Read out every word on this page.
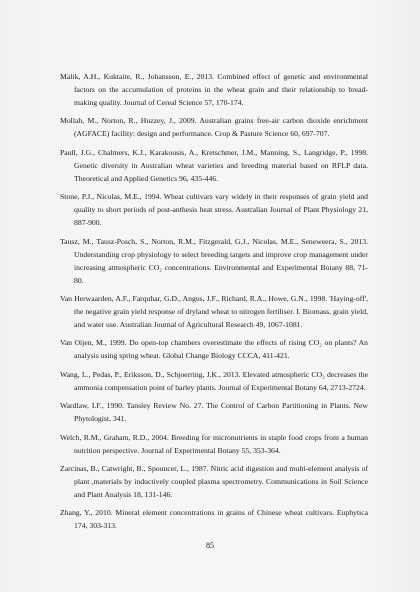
Malik, A.H., Kuktaite, R., Johansson, E., 2013. Combined effect of genetic and environmental factors on the accumulation of proteins in the wheat grain and their relationship to bread-making quality. Journal of Cereal Science 57, 170-174.

Mollah, M., Norton, R., Huzzey, J., 2009. Australian grains free-air carbon dioxide enrichment (AGFACE) facility: design and performance. Crop & Pasture Science 60, 697-707.

Paull, J.G., Chalmers, K.J., Karakousis, A., Kretschmer, J.M., Manning, S., Langridge, P., 1998. Genetic diversity in Australian wheat varieties and breeding material based on RFLP data. Theoretical and Applied Genetics 96, 435-446.

Stone, P.J., Nicolas, M.E., 1994. Wheat cultivars vary widely in their responses of grain yield and quality to short periods of post-anthesis heat stress. Australian Journal of Plant Physiology 21, 887-900.

Tausz, M., Tausz-Posch, S., Norton, R.M., Fitzgerald, G.J., Nicolas, M.E., Seneweera, S., 2013. Understanding crop physiology to select breeding targets and improve crop management under increasing atmospheric CO₂ concentrations. Environmental and Experimental Botany 88, 71-80.

Van Herwaarden, A.F., Farquhar, G.D., Angus, J.F., Richard, R.A., Howe, G.N., 1998. 'Haying-off', the negative grain yield response of dryland wheat to nitrogen fertiliser. I. Biomass, grain yield, and water use. Australian Journal of Agricultural Research 49, 1067-1081.

Van Oijen, M., 1999. Do open-top chambers overestimate the effects of rising CO₂ on plants? An analysis using spring wheat. Global Change Biology CCCA, 411-421.

Wang, L., Pedas, P., Eriksson, D., Schjoerring, J.K., 2013. Elevated atmospheric CO₂ decreases the ammonia compensation point of barley plants. Journal of Experimental Botany 64, 2713-2724.

Wardlaw, I.F., 1990. Tansley Review No. 27. The Control of Carbon Partitioning in Plants. New Phytologist, 341.

Welch, R.M., Graham, R.D., 2004. Breeding for micronutrients in staple food crops from a human nutrition perspective. Journal of Experimental Botany 55, 353-364.

Zarcinas, B., Catwright, B., Spouncer, L., 1987. Nitric acid digestion and multi-element analysis of plant ,materials by inductively coupled plasma spectrometry. Communications in Soil Science and Plant Analysis 18, 131-146.

Zhang, Y., 2010. Mineral element concentrations in grains of Chinese wheat cultivars. Euphytica 174, 303-313.

85
